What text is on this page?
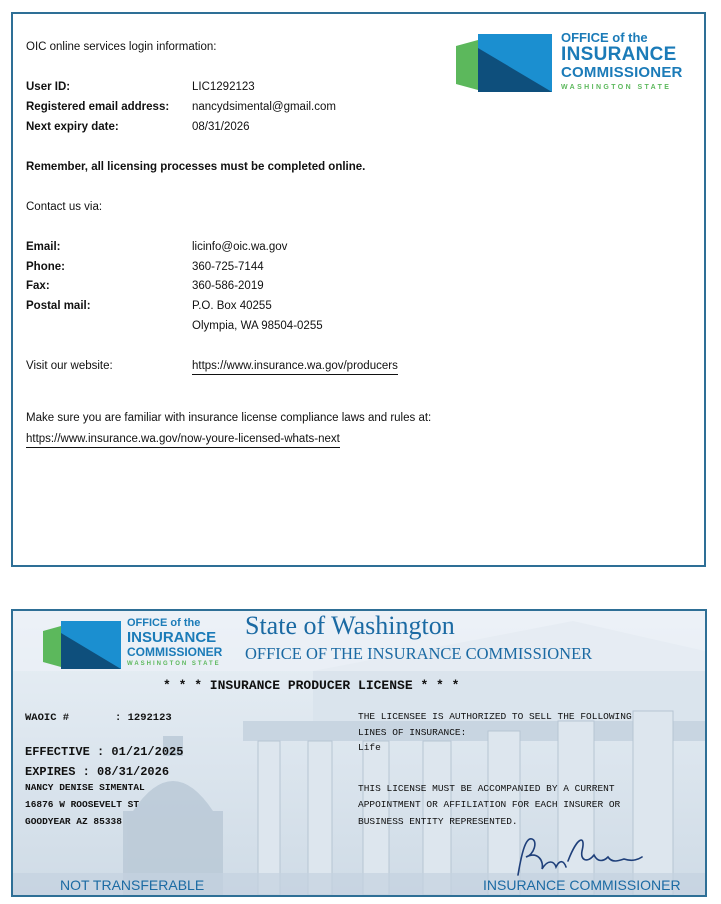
OIC online services login information:
User ID:	LIC1292123
Registered email address: nancydsimental@gmail.com
Next expiry date:	08/31/2026
Remember, all licensing processes must be completed online.
Contact us via:
Email:	licinfo@oic.wa.gov
Phone:	360-725-7144
Fax:	360-586-2019
Postal mail:	P.O. Box 40255
Olympia, WA 98504-0255
Visit our website:	https://www.insurance.wa.gov/producers
Make sure you are familiar with insurance license compliance laws and rules at:
https://www.insurance.wa.gov/now-youre-licensed-whats-next
OFFICE of the
INSURANCE
COMMISSIONER
WASHINGTON STATE
OFFICE of the
INSURANCE
COMMISSIONER
WASHINGTON STATE
State of Washington
OFFICE OF THE INSURANCE COMMISSIONER
* * * INSURANCE PRODUCER LICENSE * * *
WAOIC #	: 1292123
EFFECTIVE : 01/21/2025
EXPIRES : 08/31/2026
NANCY DENISE SIMENTAL
16876 W ROOSEVELT ST
GOODYEAR AZ 85338
THE LICENSEE IS AUTHORIZED TO SELL THE FOLLOWING
LINES OF INSURANCE:
Life
THIS LICENSE MUST BE ACCOMPANIED BY A CURRENT
APPOINTMENT OR AFFILIATION FOR EACH INSURER OR
BUSINESS ENTITY REPRESENTED.
NOT TRANSFERABLE	INSURANCE COMMISSIONER
